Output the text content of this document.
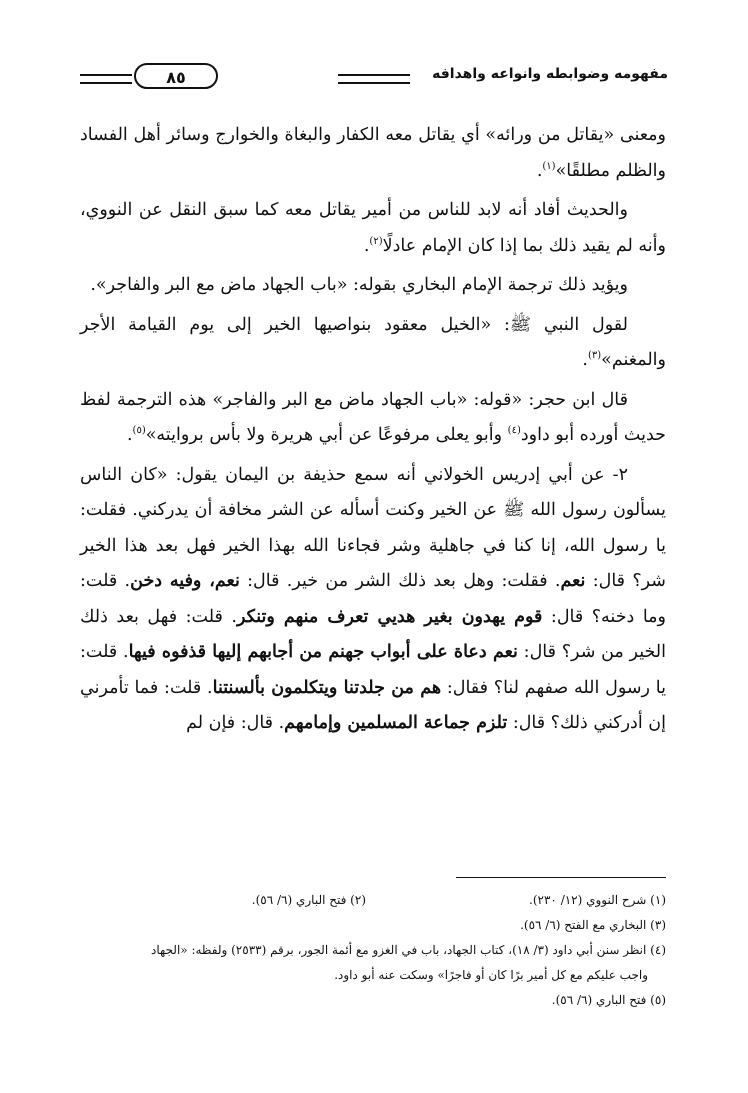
مفهومه وضوابطه وانواعه واهدافه
٨٥

ومعنى «يقاتل من ورائه» أي يقاتل معه الكفار والبغاة والخوارج وسائر أهل الفساد والظلم مطلقًا»$^{(١)}$.

والحديث أفاد أنه لابد للناس من أمير يقاتل معه كما سبق النقل عن النووي، وأنه لم يقيد ذلك بما إذا كان الإمام عادلًا$^{(٢)}$.

ويؤيد ذلك ترجمة الإمام البخاري بقوله: «باب الجهاد ماض مع البر والفاجر».

لقول النبي ﷺ: «الخيل معقود بنواصيها الخير إلى يوم القيامة الأجر والمغنم»$^{(٣)}$.

قال ابن حجر: «قوله: «باب الجهاد ماض مع البر والفاجر» هذه الترجمة لفظ حديث أورده أبو داود$^{(٤)}$ وأبو يعلى مرفوعًا عن أبي هريرة ولا بأس بروايته»$^{(٥)}$.

٢- عن أبي إدريس الخولاني أنه سمع حذيفة بن اليمان يقول: «كان الناس يسألون رسول الله ﷺ عن الخير وكنت أسأله عن الشر مخافة أن يدركني. فقلت: يا رسول الله، إنا كنا في جاهلية وشر فجاءنا الله بهذا الخير فهل بعد هذا الخير شر؟ قال: نعم. فقلت: وهل بعد ذلك الشر من خير. قال: نعم، وفيه دخن. قلت: وما دخنه؟ قال: قوم يهدون بغير هديي تعرف منهم وتنكر. قلت: فهل بعد ذلك الخير من شر؟ قال: نعم دعاة على أبواب جهنم من أجابهم إليها قذفوه فيها. قلت: يا رسول الله صفهم لنا؟ فقال: هم من جلدتنا ويتكلمون بألسنتنا. قلت: فما تأمرني إن أدركني ذلك؟ قال: تلزم جماعة المسلمين وإمامهم. قال: فإن لم

(١) شرح النووي (١٢/ ٢٣٠).
(٢) فتح الباري (٦/ ٥٦).
(٣) البخاري مع الفتح (٦/ ٥٦).
(٤) انظر سنن أبي داود (٣/ ١٨)، كتاب الجهاد، باب في الغزو مع أئمة الجور، برقم (٢٥٣٣) ولفظه: «الجهاد
واجب عليكم مع كل أمير برًا كان أو فاجرًا» وسكت عنه أبو داود.
(٥) فتح الباري (٦/ ٥٦).
